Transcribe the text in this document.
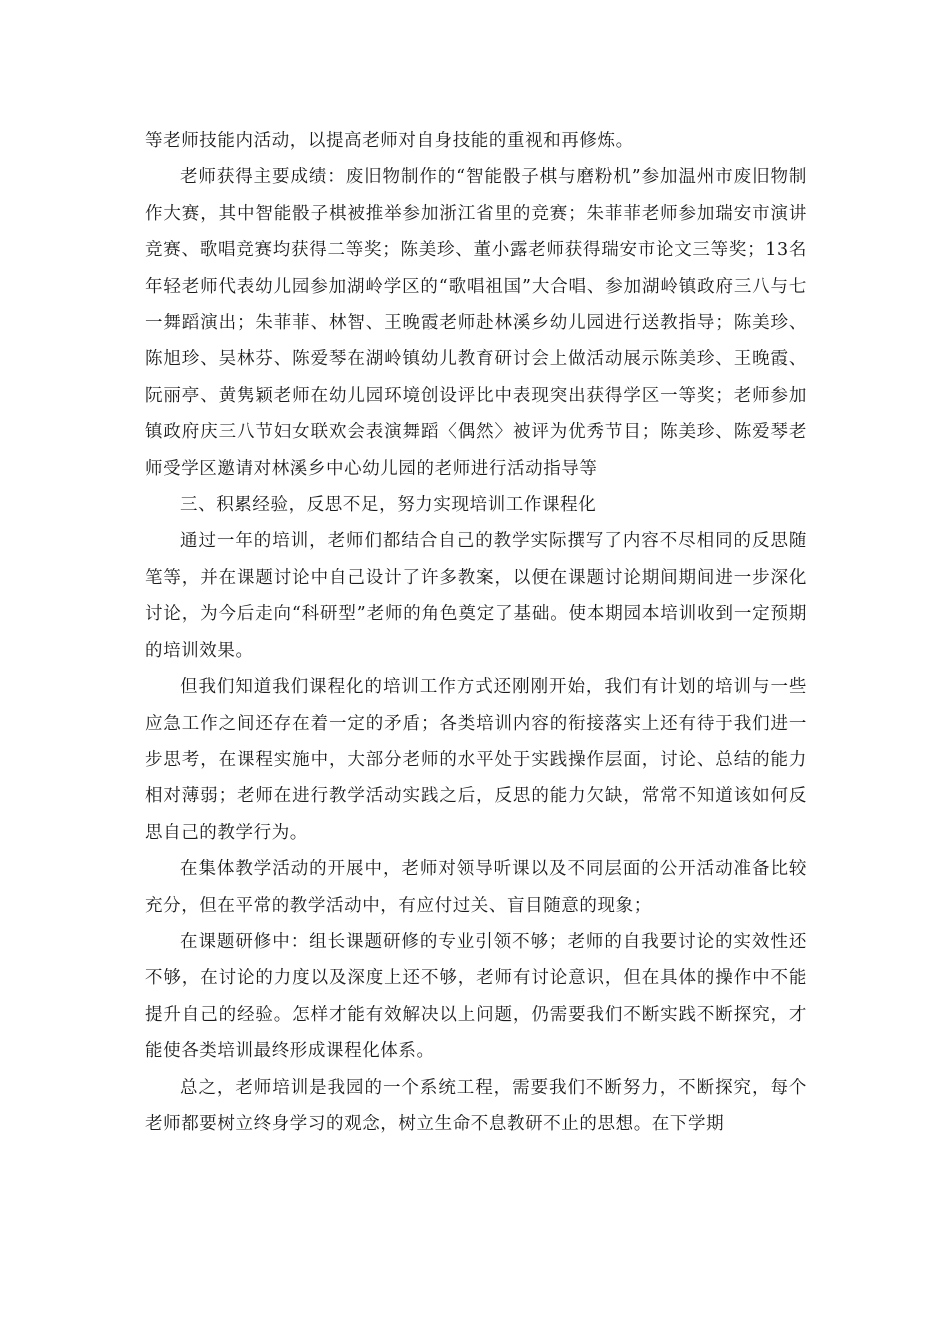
等老师技能内活动，以提高老师对自身技能的重视和再修炼。

老师获得主要成绩：废旧物制作的“智能骰子棋与磨粉机”参加温州市废旧物制作大赛，其中智能骰子棋被推举参加浙江省里的竞赛；朱菲菲老师参加瑞安市演讲竞赛、歌唱竞赛均获得二等奖；陈美珍、董小露老师获得瑞安市论文三等奖；13名年轻老师代表幼儿园参加湖岭学区的“歌唱祖国”大合唱、参加湖岭镇政府三八与七一舞蹈演出；朱菲菲、林智、王晚霞老师赴林溪乡幼儿园进行送教指导；陈美珍、陈旭珍、吴林芬、陈爱琴在湖岭镇幼儿教育研讨会上做活动展示陈美珍、王晚霞、阮丽亭、黄隽颖老师在幼儿园环境创设评比中表现突出获得学区一等奖；老师参加镇政府庆三八节妇女联欢会表演舞蹈〈偶然〉被评为优秀节目；陈美珍、陈爱琴老师受学区邀请对林溪乡中心幼儿园的老师进行活动指导等

三、积累经验，反思不足，努力实现培训工作课程化

通过一年的培训，老师们都结合自己的教学实际撰写了内容不尽相同的反思随笔等，并在课题讨论中自己设计了许多教案，以便在课题讨论期间期间进一步深化讨论，为今后走向“科研型”老师的角色奠定了基础。使本期园本培训收到一定预期的培训效果。

但我们知道我们课程化的培训工作方式还刚刚开始，我们有计划的培训与一些应急工作之间还存在着一定的矛盾；各类培训内容的衔接落实上还有待于我们进一步思考，在课程实施中，大部分老师的水平处于实践操作层面，讨论、总结的能力相对薄弱；老师在进行教学活动实践之后，反思的能力欠缺，常常不知道该如何反思自己的教学行为。

在集体教学活动的开展中，老师对领导听课以及不同层面的公开活动准备比较充分，但在平常的教学活动中，有应付过关、盲目随意的现象；

在课题研修中：组长课题研修的专业引领不够；老师的自我要讨论的实效性还不够，在讨论的力度以及深度上还不够，老师有讨论意识，但在具体的操作中不能提升自己的经验。怎样才能有效解决以上问题，仍需要我们不断实践不断探究，才能使各类培训最终形成课程化体系。

总之，老师培训是我园的一个系统工程，需要我们不断努力，不断探究，每个老师都要树立终身学习的观念，树立生命不息教研不止的思想。在下学期
